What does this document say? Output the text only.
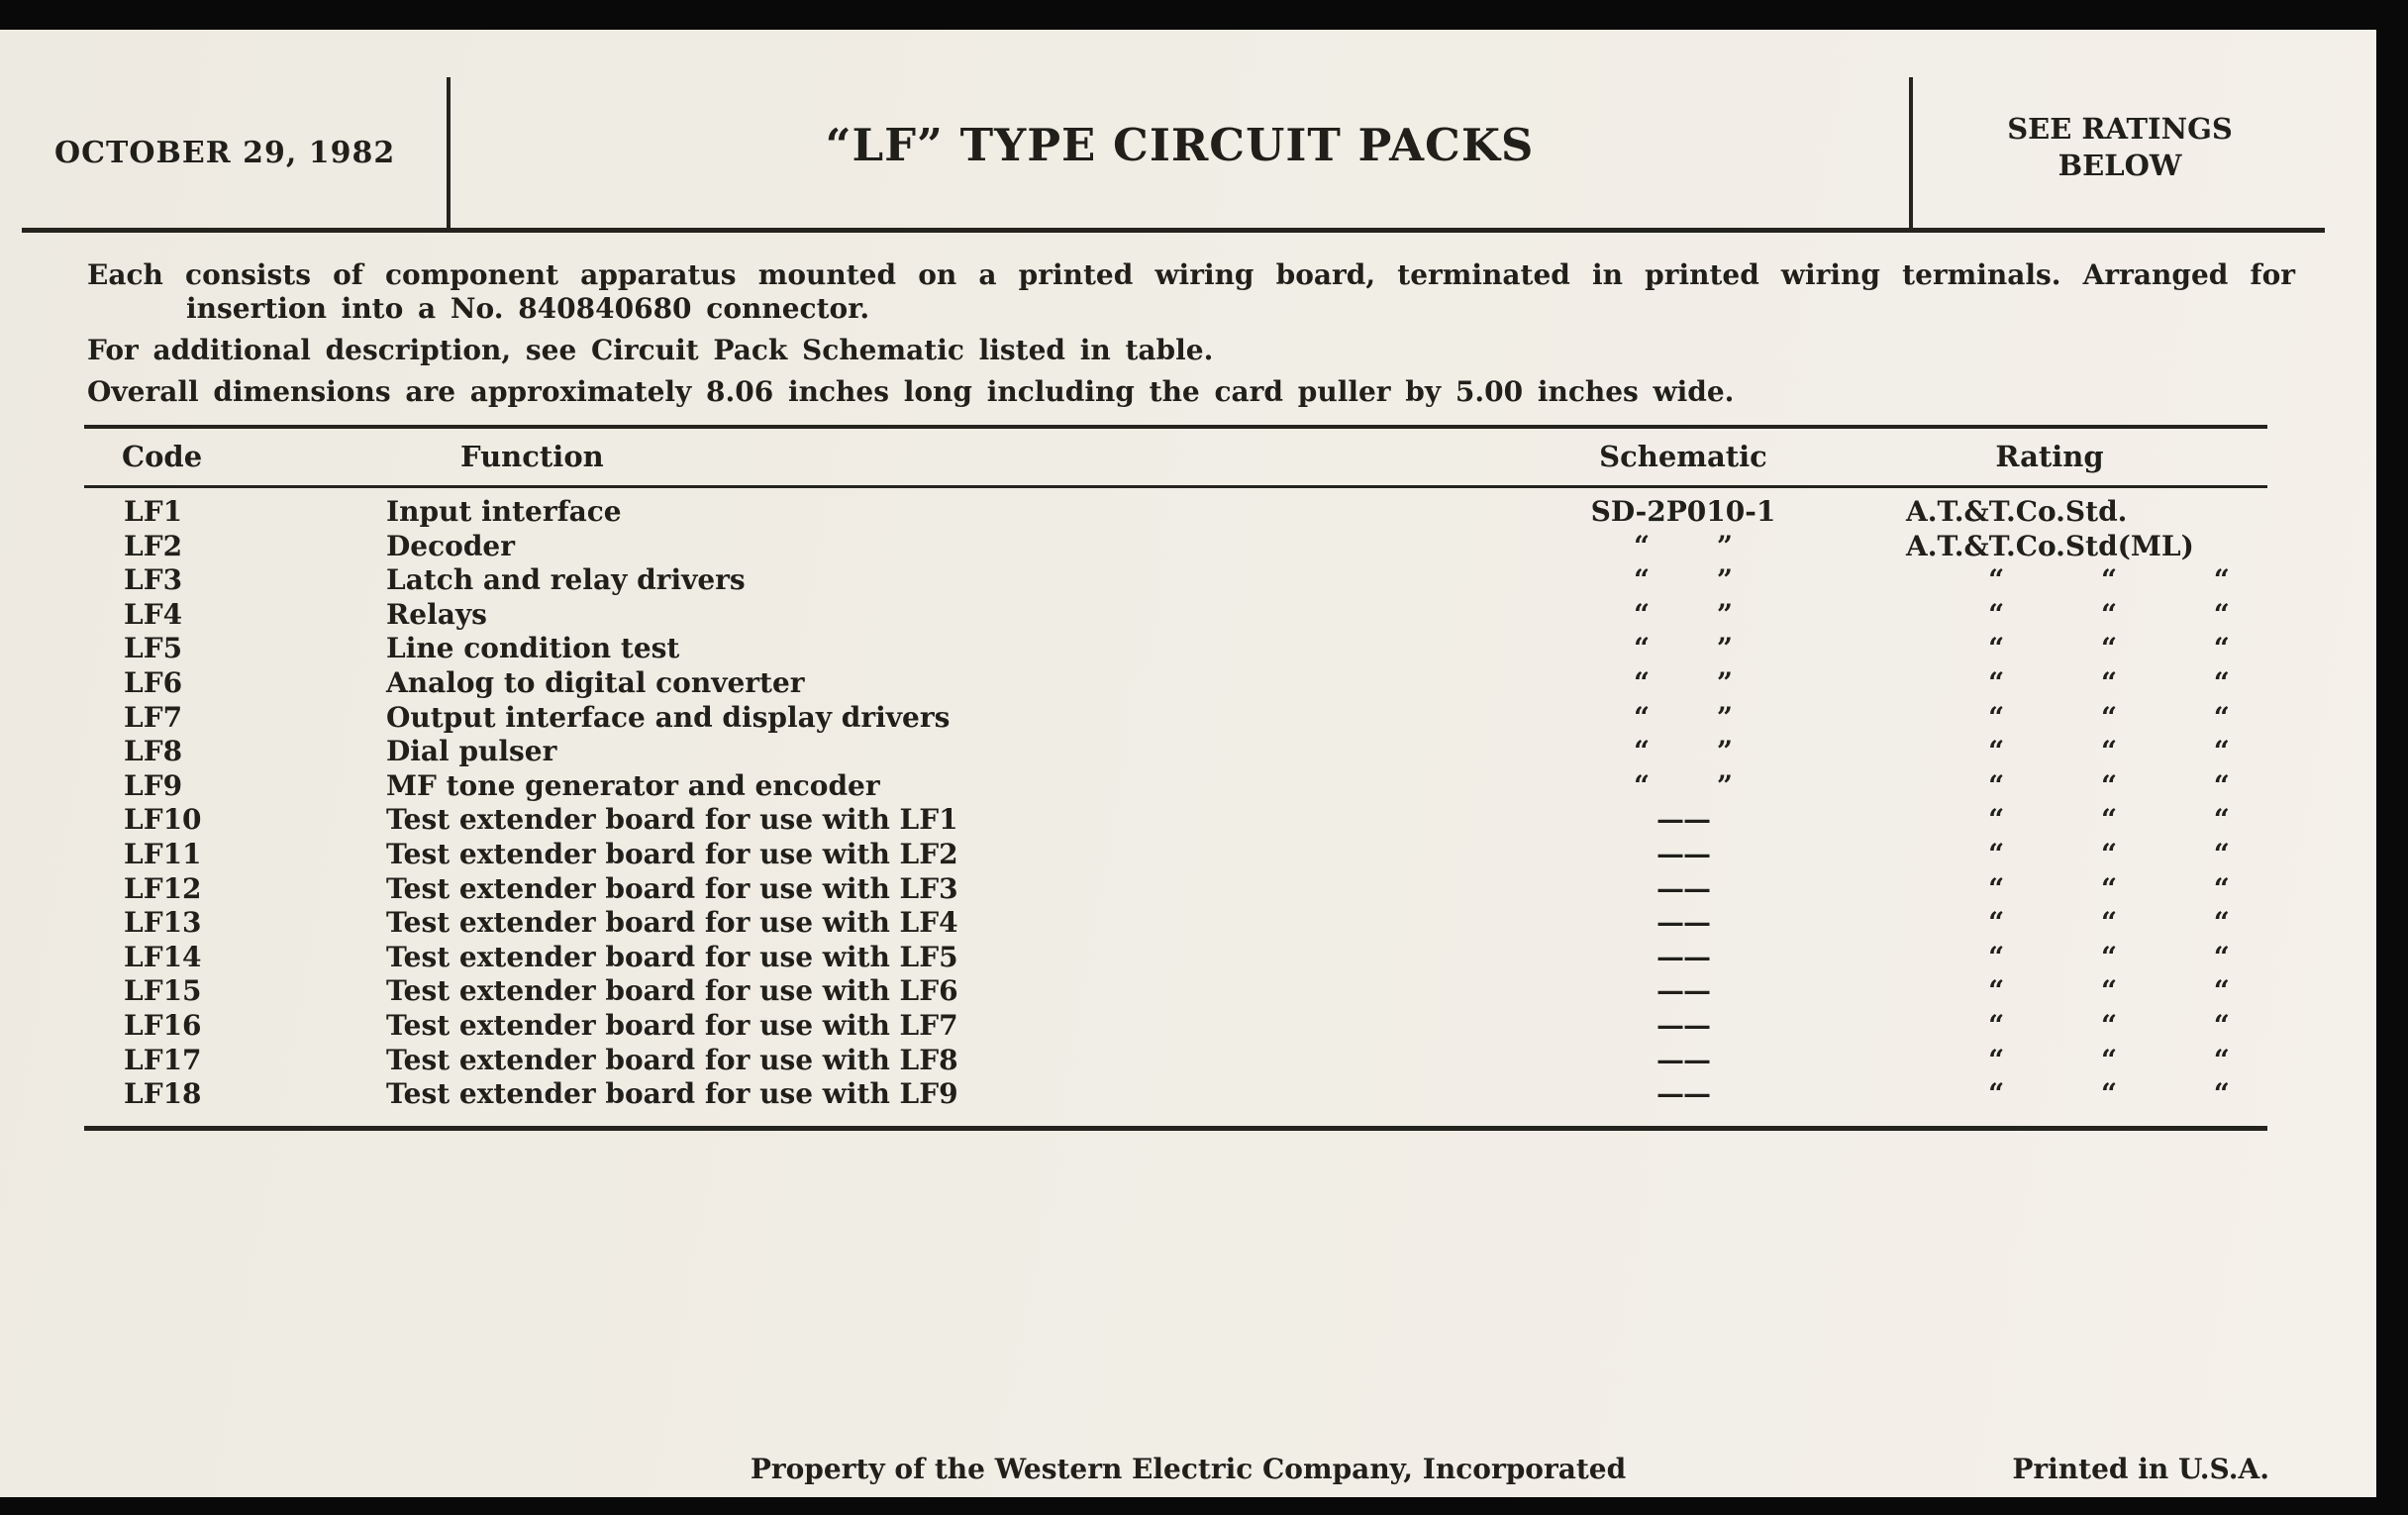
OCTOBER 29, 1982	“LF” TYPE CIRCUIT PACKS	SEE RATINGS
BELOW

Each consists of component apparatus mounted on a printed wiring board, terminated in printed wiring terminals. Arranged for insertion into a No. 840840680 connector.

For additional description, see Circuit Pack Schematic listed in table.

Overall dimensions are approximately 8.06 inches long including the card puller by 5.00 inches wide.

Code	Function	Schematic	Rating
LF1	Input interface	SD-2P010-1	A.T.&T.Co.Std.
LF2	Decoder	“ ”	A.T.&T.Co.Std(ML)
LF3	Latch and relay drivers	“ ”	“ “ “
LF4	Relays	“ ”	“ “ “
LF5	Line condition test	“ ”	“ “ “
LF6	Analog to digital converter	“ ”	“ “ “
LF7	Output interface and display drivers	“ ”	“ “ “
LF8	Dial pulser	“ ”	“ “ “
LF9	MF tone generator and encoder	“ ”	“ “ “
LF10	Test extender board for use with LF1	——	“ “ “
LF11	Test extender board for use with LF2	——	“ “ “
LF12	Test extender board for use with LF3	——	“ “ “
LF13	Test extender board for use with LF4	——	“ “ “
LF14	Test extender board for use with LF5	——	“ “ “
LF15	Test extender board for use with LF6	——	“ “ “
LF16	Test extender board for use with LF7	——	“ “ “
LF17	Test extender board for use with LF8	——	“ “ “
LF18	Test extender board for use with LF9	——	“ “ “
Property of the Western Electric Company, Incorporated	Printed in U.S.A.
